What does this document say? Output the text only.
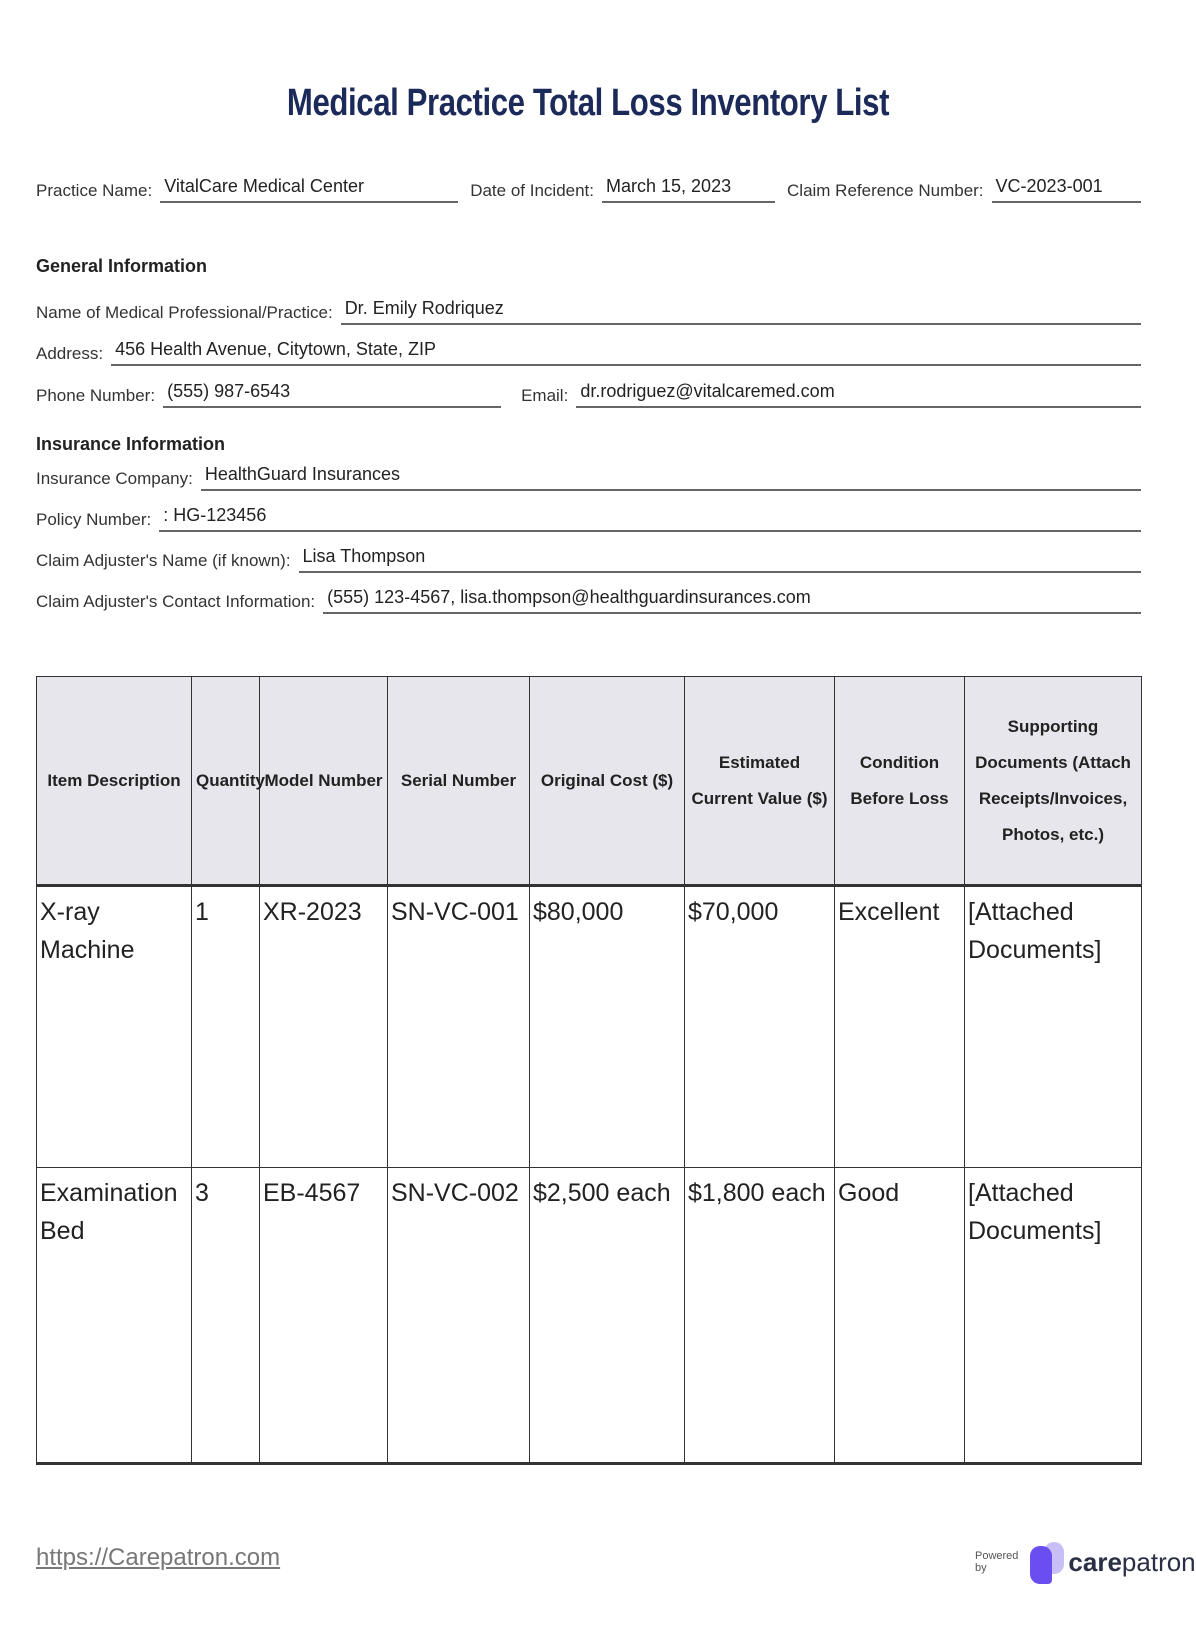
Medical Practice Total Loss Inventory List
Practice Name: VitalCare Medical Center	Date of Incident: March 15, 2023	Claim Reference Number: VC-2023-001
General Information
Name of Medical Professional/Practice: Dr. Emily Rodriquez
Address: 456 Health Avenue, Citytown, State, ZIP
Phone Number: (555) 987-6543	Email: dr.rodriguez@vitalcaremed.com
Insurance Information
Insurance Company: HealthGuard Insurances
Policy Number: : HG-123456
Claim Adjuster's Name (if known): Lisa Thompson
Claim Adjuster's Contact Information: (555) 123-4567, lisa.thompson@healthguardinsurances.com
Item Description	Quantity	Model Number	Serial Number	Original Cost ($)	Estimated Current Value ($)	Condition Before Loss	Supporting Documents (Attach Receipts/Invoices, Photos, etc.)
X-ray Machine	1	XR-2023	SN-VC-001	$80,000	$70,000	Excellent	[Attached Documents]
Examination Bed	3	EB-4567	SN-VC-002	$2,500 each	$1,800 each	Good	[Attached Documents]
https://Carepatron.com	Powered by	carepatron
